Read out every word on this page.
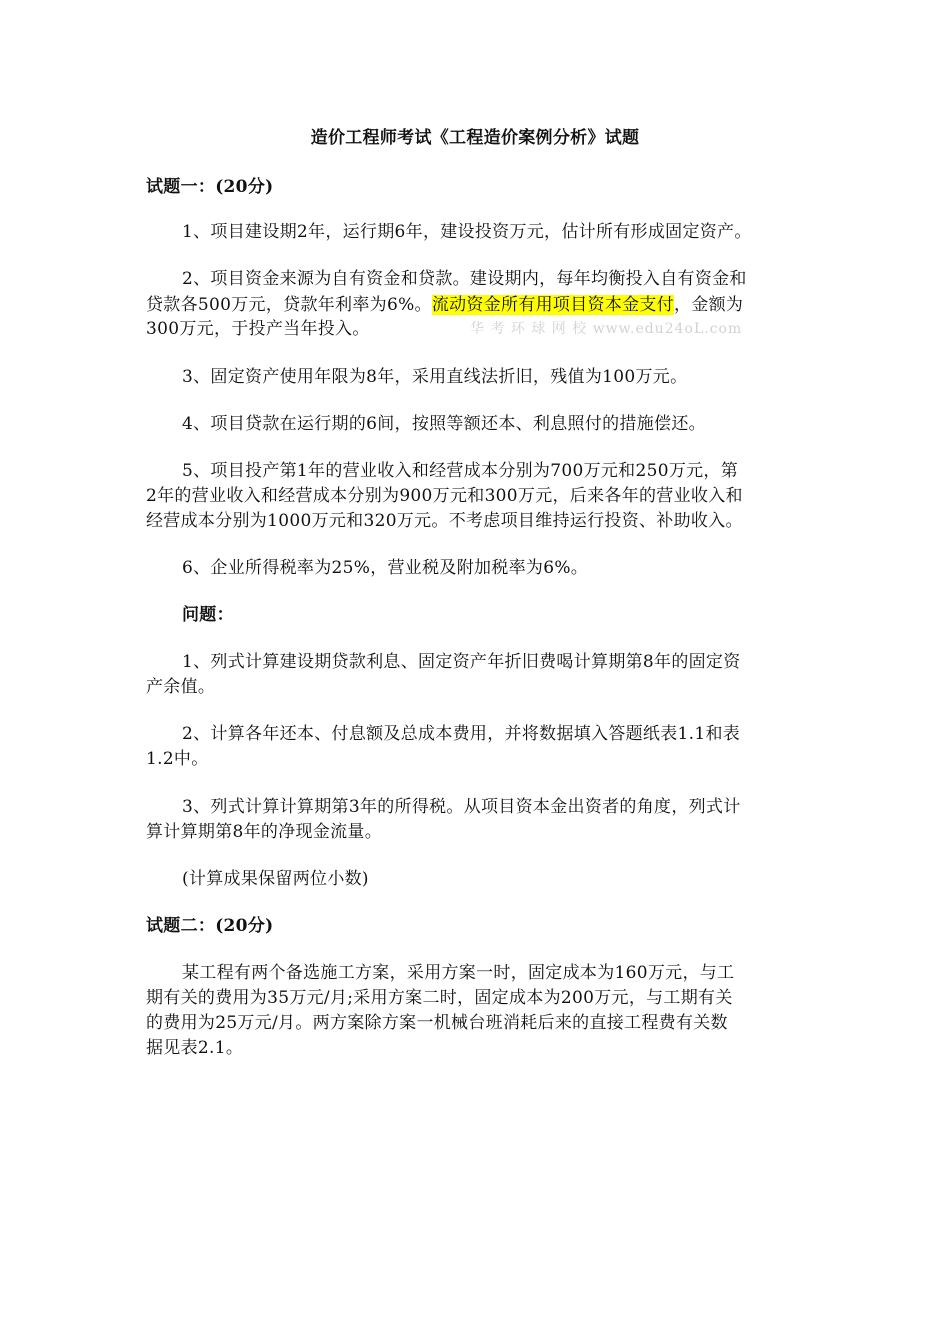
造价工程师考试《工程造价案例分析》试题
试题一：(20分)
1、项目建设期2年，运行期6年，建设投资万元，估计所有形成固定资产。
2、项目资金来源为自有资金和贷款。建设期内，每年均衡投入自有资金和
贷款各500万元，贷款年利率为6%。流动资金所有用项目资本金支付，金额为
300万元，于投产当年投入。	华 考 环 球 网 校 www.edu24oL.com
3、固定资产使用年限为8年，采用直线法折旧，残值为100万元。
4、项目贷款在运行期的6间，按照等额还本、利息照付的措施偿还。
5、项目投产第1年的营业收入和经营成本分别为700万元和250万元，第
2年的营业收入和经营成本分别为900万元和300万元，后来各年的营业收入和
经营成本分别为1000万元和320万元。不考虑项目维持运行投资、补助收入。
6、企业所得税率为25%，营业税及附加税率为6%。
问题：
1、列式计算建设期贷款利息、固定资产年折旧费喝计算期第8年的固定资
产余值。
2、计算各年还本、付息额及总成本费用，并将数据填入答题纸表1.1和表
1.2中。
3、列式计算计算期第3年的所得税。从项目资本金出资者的角度，列式计
算计算期第8年的净现金流量。
(计算成果保留两位小数)
试题二：(20分)
某工程有两个备选施工方案，采用方案一时，固定成本为160万元，与工
期有关的费用为35万元/月;采用方案二时，固定成本为200万元，与工期有关
的费用为25万元/月。两方案除方案一机械台班消耗后来的直接工程费有关数
据见表2.1。
